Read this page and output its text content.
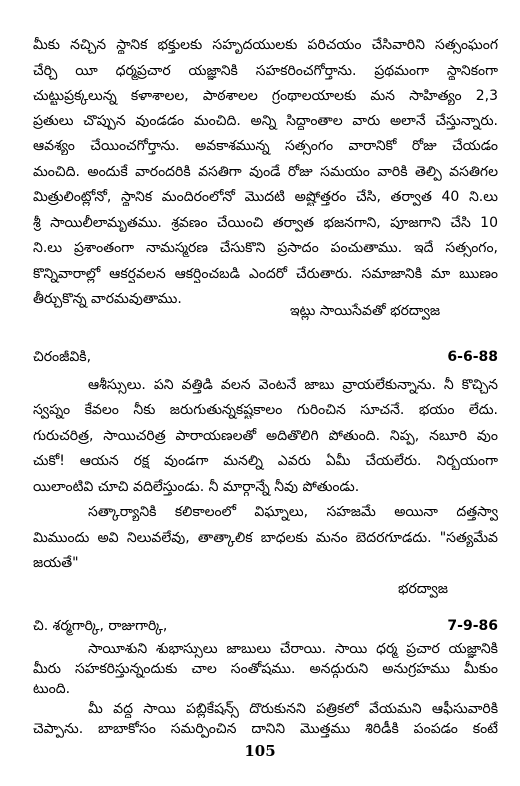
మీకు నచ్చిన స్థానిక భక్తులకు సహృదయులకు పరిచయం చేసివారిని సత్సంఘంగ
చేర్చి యీ ధర్మప్రచార యజ్ఞానికి సహకరించగోర్తాను. ప్రథమంగా స్థానికంగా
చుట్టుప్రక్కలున్న కళాశాలల, పాఠశాలల గ్రంథాలయాలకు మన సాహిత్యం 2,3
ప్రతులు చొప్పున వుండడం మంచిది. అన్ని సిద్ధాంతాల వారు అలానే చేస్తున్నారు.
ఆవశ్యం చేయించగోర్తాను. అవకాశమున్న సత్సంగం వారానికో రోజు చేయడం
మంచిది. అందుకే వారందరికి వసతిగా వుండే రోజు సమయం వారికి తెల్పి వసతిగల
మిత్రులింట్లోనో, స్థానిక మందిరంలోనో మొదటి అష్టోత్తరం చేసి, తర్వాత 40 ని.లు
శ్రీ సాయిలీలామృతము. శ్రవణం చేయించి తర్వాత భజనగాని, పూజగాని చేసి 10
ని.లు ప్రశాంతంగా నామస్మరణ చేసుకొని ప్రసాదం పంచుతాము. ఇదే సత్సంగం,
కొన్నివారాల్లో ఆకర్షవలన ఆకర్షించబడి ఎందరో చేరుతారు. సమాజానికి మా ఋణం
తీర్చుకొన్న వారమవుతాము.
ఇట్లు సాయిసేవతో భరద్వాజ
చిరంజీవికి,	6-6-88
ఆశీస్సులు. పని వత్తిడి వలన వెంటనే జాబు వ్రాయలేకున్నాను. నీ కొచ్చిన
స్వప్నం కేవలం నీకు జరుగుతున్నకష్టకాలం గురించిన సూచనే. భయం లేదు.
గురుచరిత్ర, సాయిచరిత్ర పారాయణలతో అదితొలిగి పోతుంది. నిప్ప, నబూరి వుం
చుకో! ఆయన రక్ష వుండగా మనల్ని ఎవరు ఏమీ చేయలేరు. నిర్భయంగా
యిలాంటివి చూచి వదిలేస్తుండు. నీ మార్గాన్నే నీవు పోతుండు.
సత్కార్యానికి కలికాలంలో విఘ్నాలు, సహజమే అయినా దత్తస్వా
మిముందు అవి నిలువలేవు, తాత్కాలిక బాధలకు మనం బెదరగూడదు. "సత్యమేవ
జయతే"
భరద్వాజ
చి. శర్మగార్కి, రాజుగార్కి,	7-9-86
సాయీశుని శుభాస్సులు జాబులు చేరాయి. సాయి ధర్మ ప్రచార యజ్ఞానికి
మీరు సహకరిస్తున్నందుకు చాల సంతోషము. అనద్గురుని అనుగ్రహము మీకుం
105
టుంది.
మీ వద్ద సాయి పబ్లికేషన్స్ దొరుకునని పత్రికలో వేయమని ఆఫీసువారికి
చెప్పాను. బాబాకోసం సమర్పించిన దానిని మొత్తము శిరిడీకి పంపడం కంటే
